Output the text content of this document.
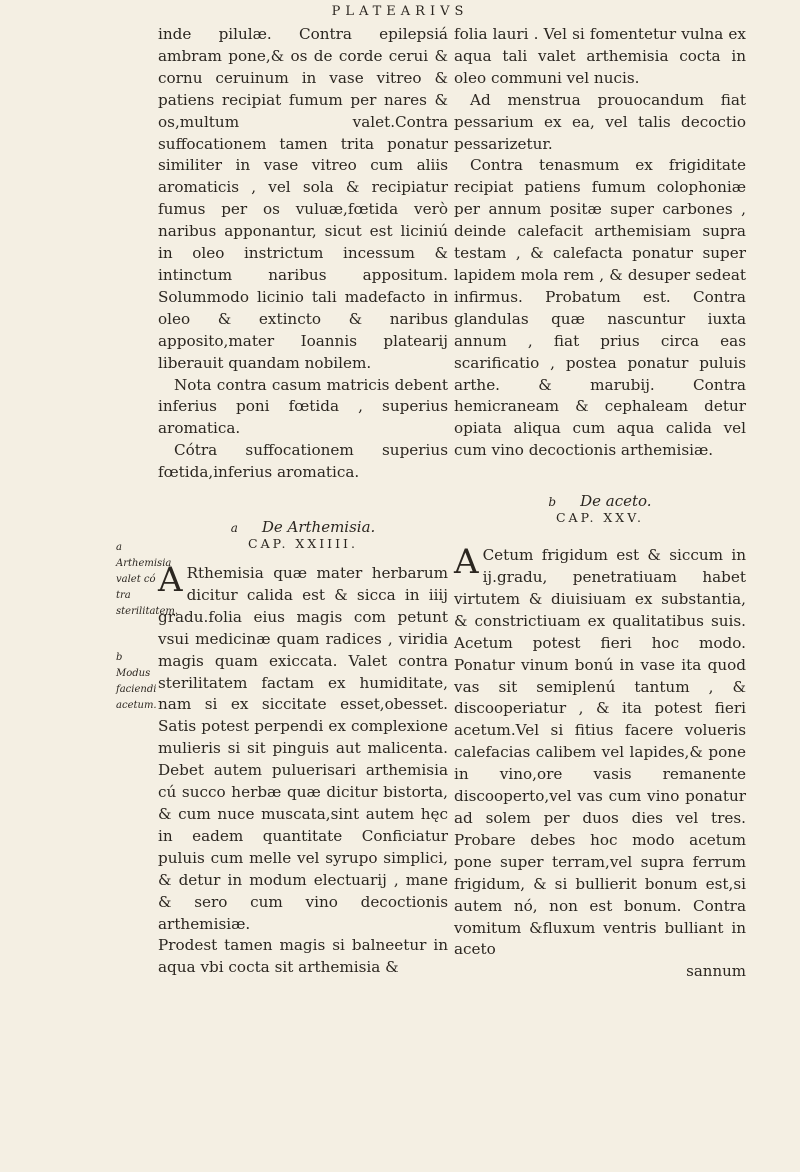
PLATEARIVS

inde pilulæ. Contra epilepsiá ambram pone,& os de corde cerui & cornu ceruinum in vase vitreo & patiens recipiat fumum per nares & os,multum valet.Contra suffocationem tamen trita ponatur similiter in vase vitreo cum aliis aromaticis , vel sola & recipiatur fumus per os vuluæ,fœtida verò naribus apponantur, sicut est liciniú in oleo instrictum incessum & intinctum naribus appositum. Solummodo licinio tali madefacto in oleo & extincto & naribus apposito,mater Ioannis platearij liberauit quandam nobilem.

Nota contra casum matricis debent inferius poni fœtida , superius aromatica.

Cótra suffocationem superius fœtida,inferius aromatica.

a De Arthemisia.

CAP. XXIIII.

A Rthemisia quæ mater herbarum dicitur calida est & sicca in iiij gradu.folia eius magis com petunt vsui medicinæ quam radices , viridia magis quam exiccata. Valet contra sterilitatem factam ex humiditate, nam si ex siccitate esset,obesset. Satis potest perpendi ex complexione mulieris si sit pinguis aut malicenta. Debet autem puluerisari arthemisia cú succo herbæ quæ dicitur bistorta, & cum nuce muscata,sint autem hęc in eadem quantitate Conficiatur puluis cum melle vel syrupo simplici, & detur in modum electuarij , mane & sero cum vino decoctionis arthemisiæ.

Prodest tamen magis si balneetur in aqua vbi cocta sit arthemisia &

a
Arthemisia valet có tra sterilitatem.
b
Modus faciendi acetum.

folia lauri . Vel si fomentetur vulna ex aqua tali valet arthemisia cocta in oleo communi vel nucis.

Ad menstrua prouocandum fiat pessarium ex ea, vel talis decoctio pessarizetur.

Contra tenasmum ex frigiditate recipiat patiens fumum colophoniæ per annum positæ super carbones , deinde calefacit arthemisiam supra testam , & calefacta ponatur super lapidem mola rem , & desuper sedeat infirmus. Probatum est. Contra glandulas quæ nascuntur iuxta annum , fiat prius circa eas scarificatio , postea ponatur puluis arthe. & marubij. Contra hemicraneam & cephaleam detur opiata aliqua cum aqua calida vel cum vino decoctionis arthemisiæ.

b De aceto.

CAP. XXV.

A Cetum frigidum est & siccum in ij.gradu, penetratiuam habet virtutem & diuisiuam ex substantia, & constrictiuam ex qualitatibus suis. Acetum potest fieri hoc modo. Ponatur vinum bonú in vase ita quod vas sit semiplenú tantum , & discooperiatur , & ita potest fieri acetum.Vel si fitius facere volueris calefacias calibem vel lapides,& pone in vino,ore vasis remanente discooperto,vel vas cum vino ponatur ad solem per duos dies vel tres. Probare debes hoc modo acetum pone super terram,vel supra ferrum frigidum, & si bullierit bonum est,si autem nó, non est bonum. Contra vomitum &fluxum ventris bulliant in aceto

sannum
